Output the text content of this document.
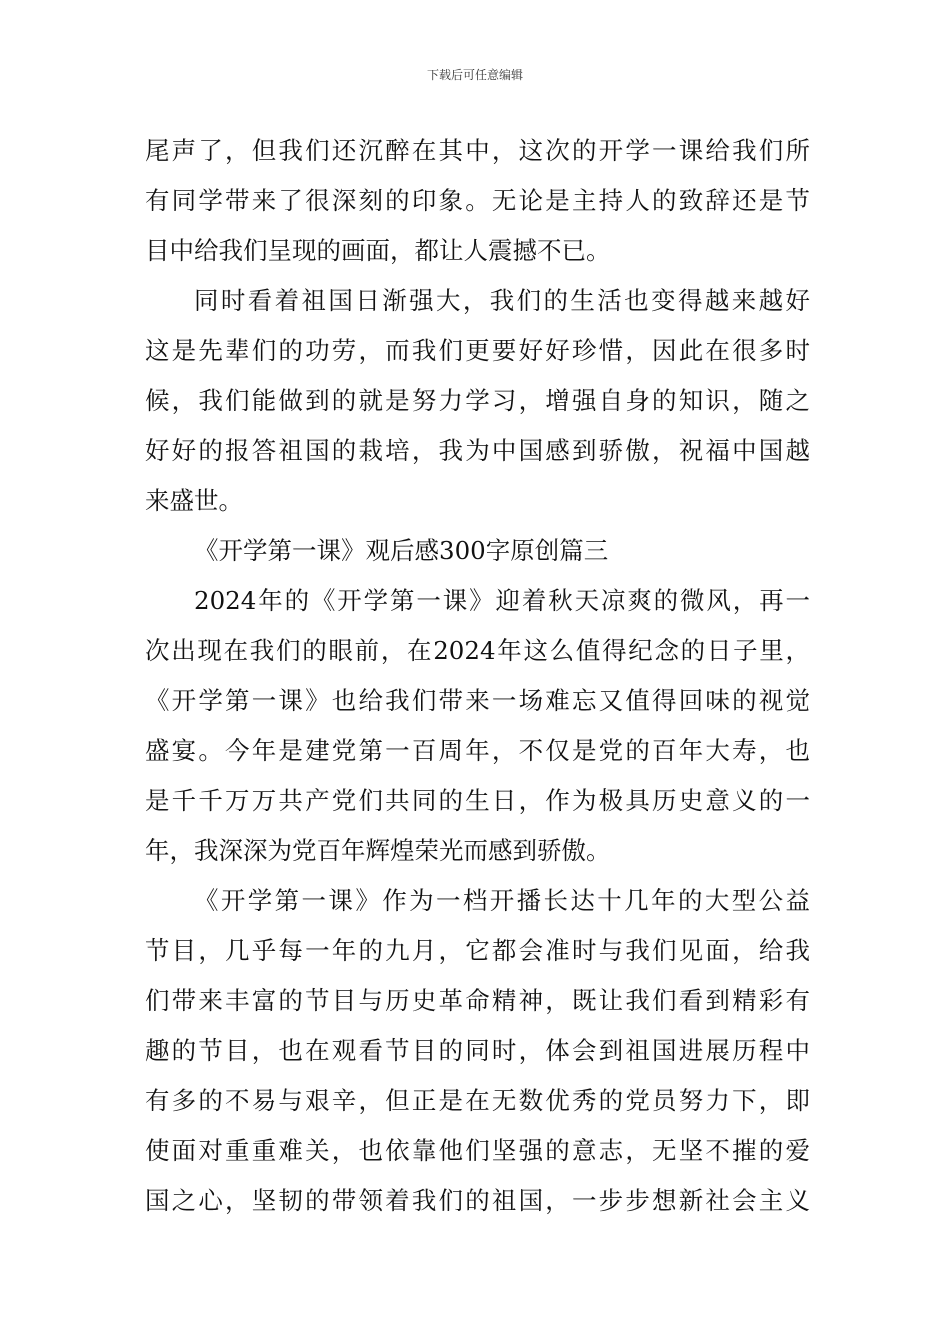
下载后可任意编辑
尾声了，但我们还沉醉在其中，这次的开学一课给我们所
有同学带来了很深刻的印象。无论是主持人的致辞还是节
目中给我们呈现的画面，都让人震撼不已。
同时看着祖国日渐强大，我们的生活也变得越来越好
这是先辈们的功劳，而我们更要好好珍惜，因此在很多时
候，我们能做到的就是努力学习，增强自身的知识，随之
好好的报答祖国的栽培，我为中国感到骄傲，祝福中国越
来盛世。
《开学第一课》观后感300字原创篇三
2024年的《开学第一课》迎着秋天凉爽的微风，再一
次出现在我们的眼前，在2024年这么值得纪念的日子里，
《开学第一课》也给我们带来一场难忘又值得回味的视觉
盛宴。今年是建党第一百周年，不仅是党的百年大寿，也
是千千万万共产党们共同的生日，作为极具历史意义的一
年，我深深为党百年辉煌荣光而感到骄傲。
《开学第一课》作为一档开播长达十几年的大型公益
节目，几乎每一年的九月，它都会准时与我们见面，给我
们带来丰富的节目与历史革命精神，既让我们看到精彩有
趣的节目，也在观看节目的同时，体会到祖国进展历程中
有多的不易与艰辛，但正是在无数优秀的党员努力下，即
使面对重重难关，也依靠他们坚强的意志，无坚不摧的爱
国之心，坚韧的带领着我们的祖国，一步步想新社会主义
